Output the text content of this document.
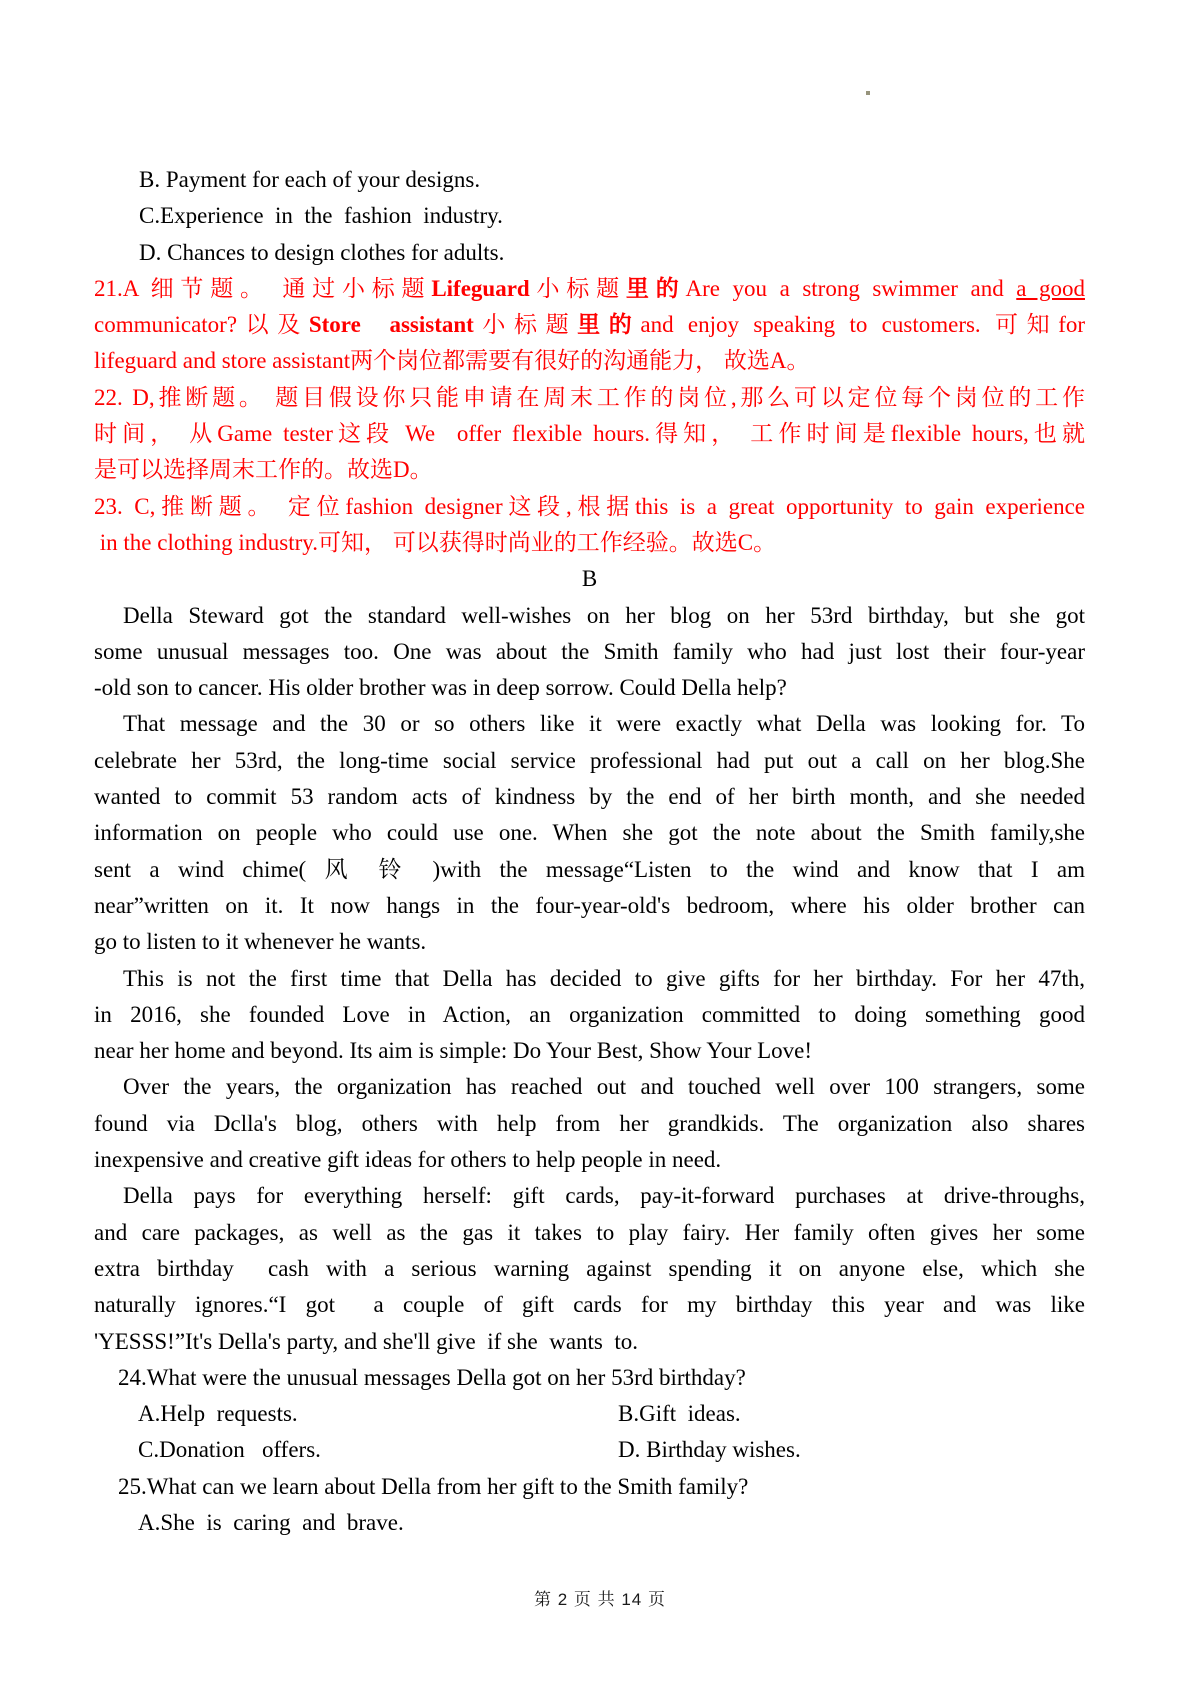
B. Payment for each of your designs.
C.Experience  in  the  fashion  industry.
D. Chances to design clothes for adults.
21.A 细节题。 通过小标题Lifeguard小标题里的Are you a strong swimmer and a good
communicator?以及Store  assistant小标题里的and enjoy speaking to customers. 可知for
lifeguard and store assistant两个岗位都需要有很好的沟通能力， 故选A。
22. D,推断题。 题目假设你只能申请在周末工作的岗位,那么可以定位每个岗位的工作
时间， 从Game tester这段 We  offer flexible hours.得知， 工作时间是flexible hours,也就
是可以选择周末工作的。故选D。
23. C,推断题。 定位fashion designer这段,根据this is a great opportunity to gain experience
in the clothing industry.可知， 可以获得时尚业的工作经验。故选C。
B
Della Steward got the standard well-wishes on her blog on her 53rd birthday, but she got
some unusual messages too. One was about the Smith family who had just lost their four-year
-old son to cancer. His older brother was in deep sorrow. Could Della help?
That message and the 30 or so others like it were exactly what Della was looking for. To
celebrate her 53rd, the long-time social service professional had put out a call on her blog.She
wanted to commit 53 random acts of kindness by the end of her birth month, and she needed
information on people who could use one. When she got the note about the Smith family,she
sent a wind chime( 风 铃 )with the message“Listen to the wind and know that I am
near”written on it. It now hangs in the four-year-old's bedroom, where his older brother can
go to listen to it whenever he wants.
This is not the first time that Della has decided to give gifts for her birthday. For her 47th,
in 2016, she founded Love in Action, an organization committed to doing something good
near her home and beyond. Its aim is simple: Do Your Best, Show Your Love!
Over the years, the organization has reached out and touched well over 100 strangers, some
found via Dclla's blog, others with help from her grandkids. The organization also shares
inexpensive and creative gift ideas for others to help people in need.
Della pays for everything herself: gift cards, pay-it-forward purchases at drive-throughs,
and care packages, as well as the gas it takes to play fairy. Her family often gives her some
extra birthday  cash with a serious warning against spending it on anyone else, which she
naturally ignores.“I got  a couple of gift cards for my birthday this year and was like
'YESSS!”It's Della's party, and she'll give  if she  wants  to.
24.What were the unusual messages Della got on her 53rd birthday?
A.Help  requests.	B.Gift  ideas.
C.Donation   offers.	D. Birthday wishes.
25.What can we learn about Della from her gift to the Smith family?
A.She  is  caring  and  brave.
第 2 页 共 14 页
